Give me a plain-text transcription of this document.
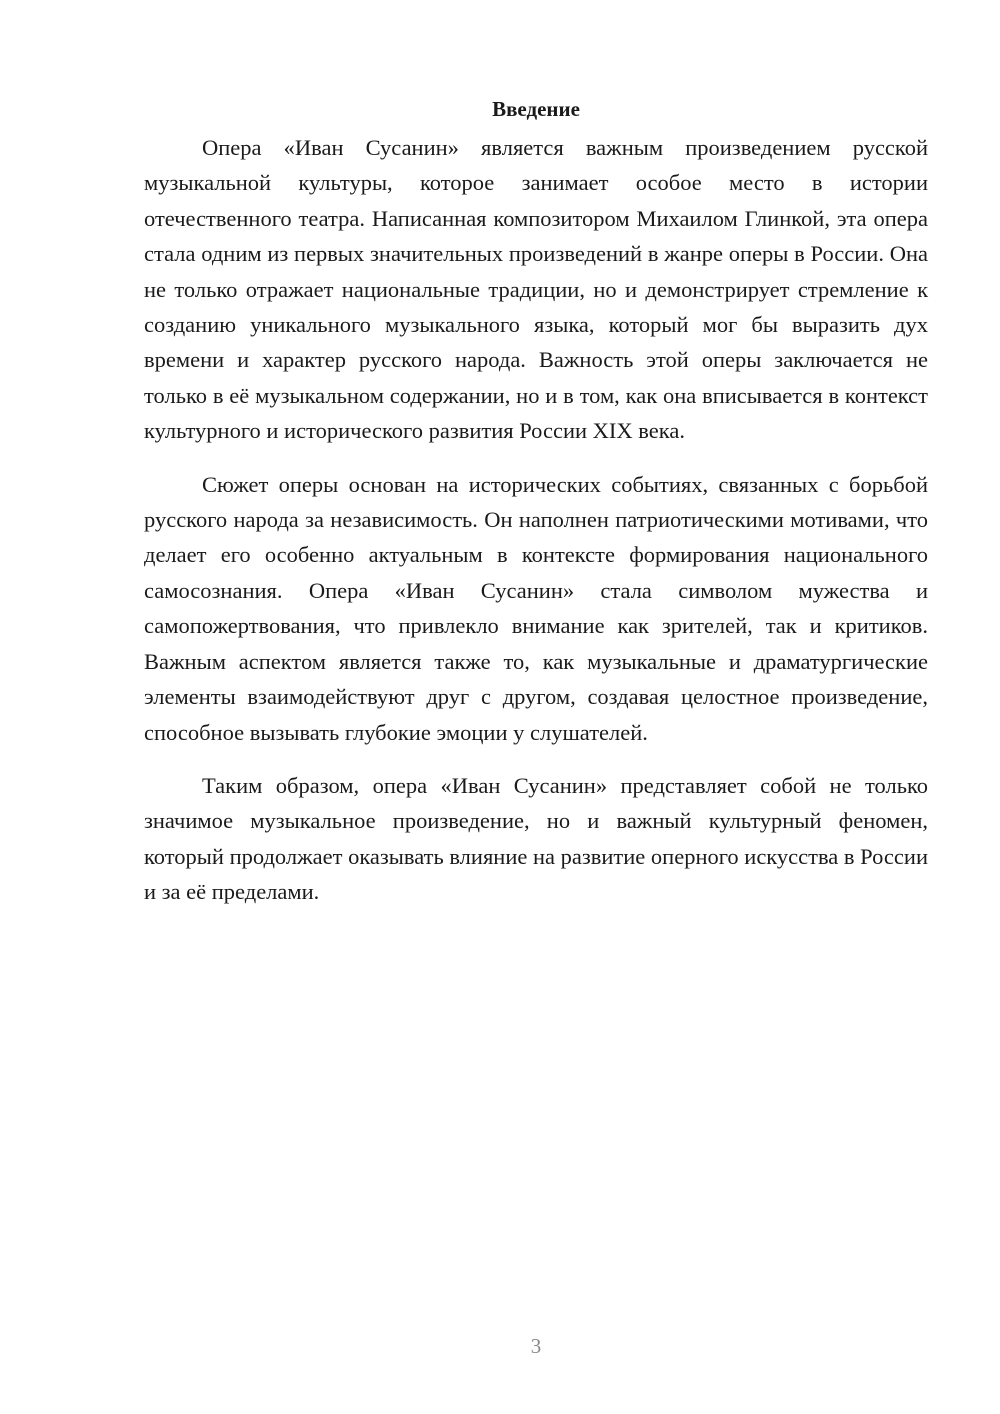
Введение

Опера «Иван Сусанин» является важным произведением русской музыкальной культуры, которое занимает особое место в истории отечественного театра. Написанная композитором Михаилом Глинкой, эта опера стала одним из первых значительных произведений в жанре оперы в России. Она не только отражает национальные традиции, но и демонстрирует стремление к созданию уникального музыкального языка, который мог бы выразить дух времени и характер русского народа. Важность этой оперы заключается не только в её музыкальном содержании, но и в том, как она вписывается в контекст культурного и исторического развития России XIX века.

Сюжет оперы основан на исторических событиях, связанных с борьбой русского народа за независимость. Он наполнен патриотическими мотивами, что делает его особенно актуальным в контексте формирования национального самосознания. Опера «Иван Сусанин» стала символом мужества и самопожертвования, что привлекло внимание как зрителей, так и критиков. Важным аспектом является также то, как музыкальные и драматургические элементы взаимодействуют друг с другом, создавая целостное произведение, способное вызывать глубокие эмоции у слушателей.

Таким образом, опера «Иван Сусанин» представляет собой не только значимое музыкальное произведение, но и важный культурный феномен, который продолжает оказывать влияние на развитие оперного искусства в России и за её пределами.

3
